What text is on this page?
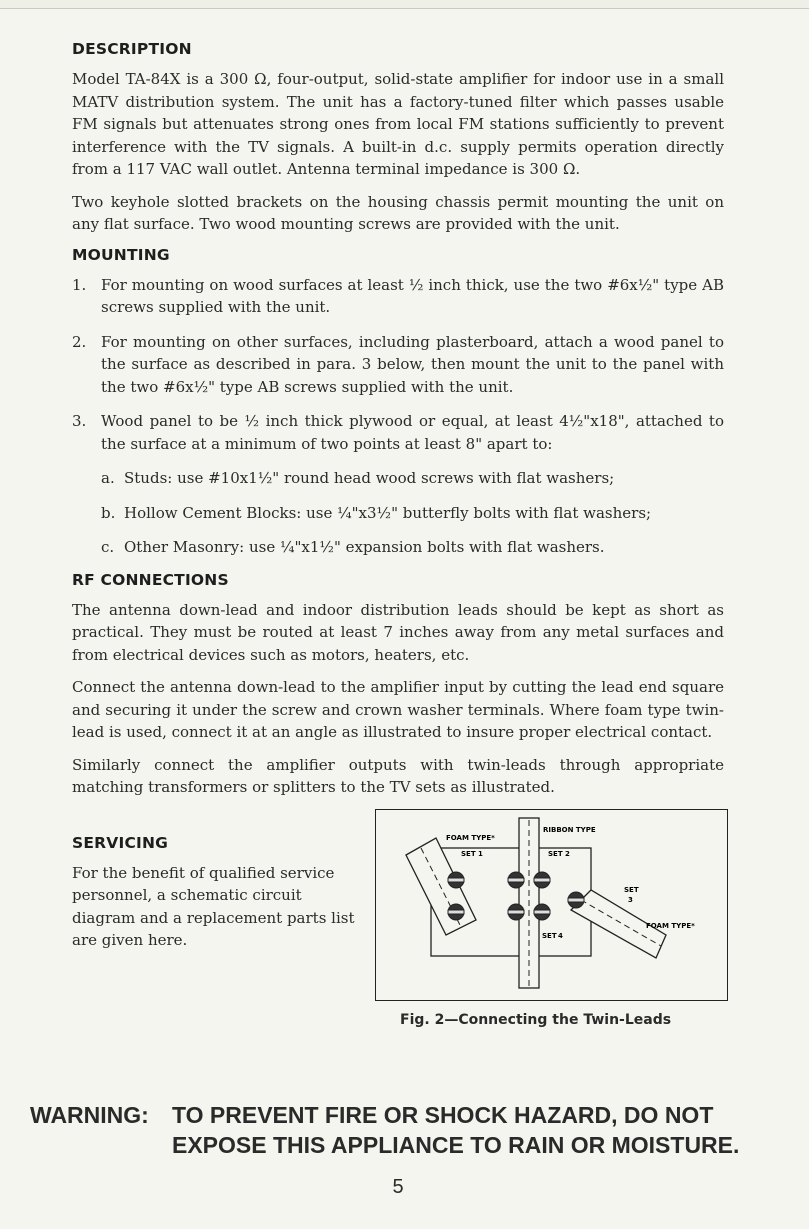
DESCRIPTION

Model TA-84X is a 300 Ω, four-output, solid-state amplifier for indoor use in a small MATV distribution system. The unit has a factory-tuned filter which passes usable FM signals but attenuates strong ones from local FM stations sufficiently to prevent interference with the TV signals. A built-in d.c. supply permits operation directly from a 117 VAC wall outlet. Antenna terminal impedance is 300 Ω.

Two keyhole slotted brackets on the housing chassis permit mounting the unit on any flat surface. Two wood mounting screws are provided with the unit.

MOUNTING
1. For mounting on wood surfaces at least ½ inch thick, use the two #6x½" type AB screws supplied with the unit.
2. For mounting on other surfaces, including plasterboard, attach a wood panel to the surface as described in para. 3 below, then mount the unit to the panel with the two #6x½" type AB screws supplied with the unit.
3. Wood panel to be ½ inch thick plywood or equal, at least 4½"x18", attached to the surface at a minimum of two points at least 8" apart to:
a. Studs: use #10x1½" round head wood screws with flat washers;
b. Hollow Cement Blocks: use ¼"x3½" butterfly bolts with flat washers;
c. Other Masonry: use ¼"x1½" expansion bolts with flat washers.
RF CONNECTIONS

The antenna down-lead and indoor distribution leads should be kept as short as practical. They must be routed at least 7 inches away from any metal surfaces and from electrical devices such as motors, heaters, etc.

Connect the antenna down-lead to the amplifier input by cutting the lead end square and securing it under the screw and crown washer terminals. Where foam type twin-lead is used, connect it at an angle as illustrated to insure proper electrical contact.

Similarly connect the amplifier outputs with twin-leads through appropriate matching transformers or splitters to the TV sets as illustrated.

SERVICING

For the benefit of qualified service personnel, a schematic circuit diagram and a replacement parts list are given here.

RIBBON TYPE
FOAM TYPE*
SET 1	SET 2
SET
3
SET 4
FOAM TYPE*
Fig. 2—Connecting the Twin-Leads
WARNING:	TO PREVENT FIRE OR SHOCK HAZARD, DO NOT
EXPOSE THIS APPLIANCE TO RAIN OR MOISTURE.
5
